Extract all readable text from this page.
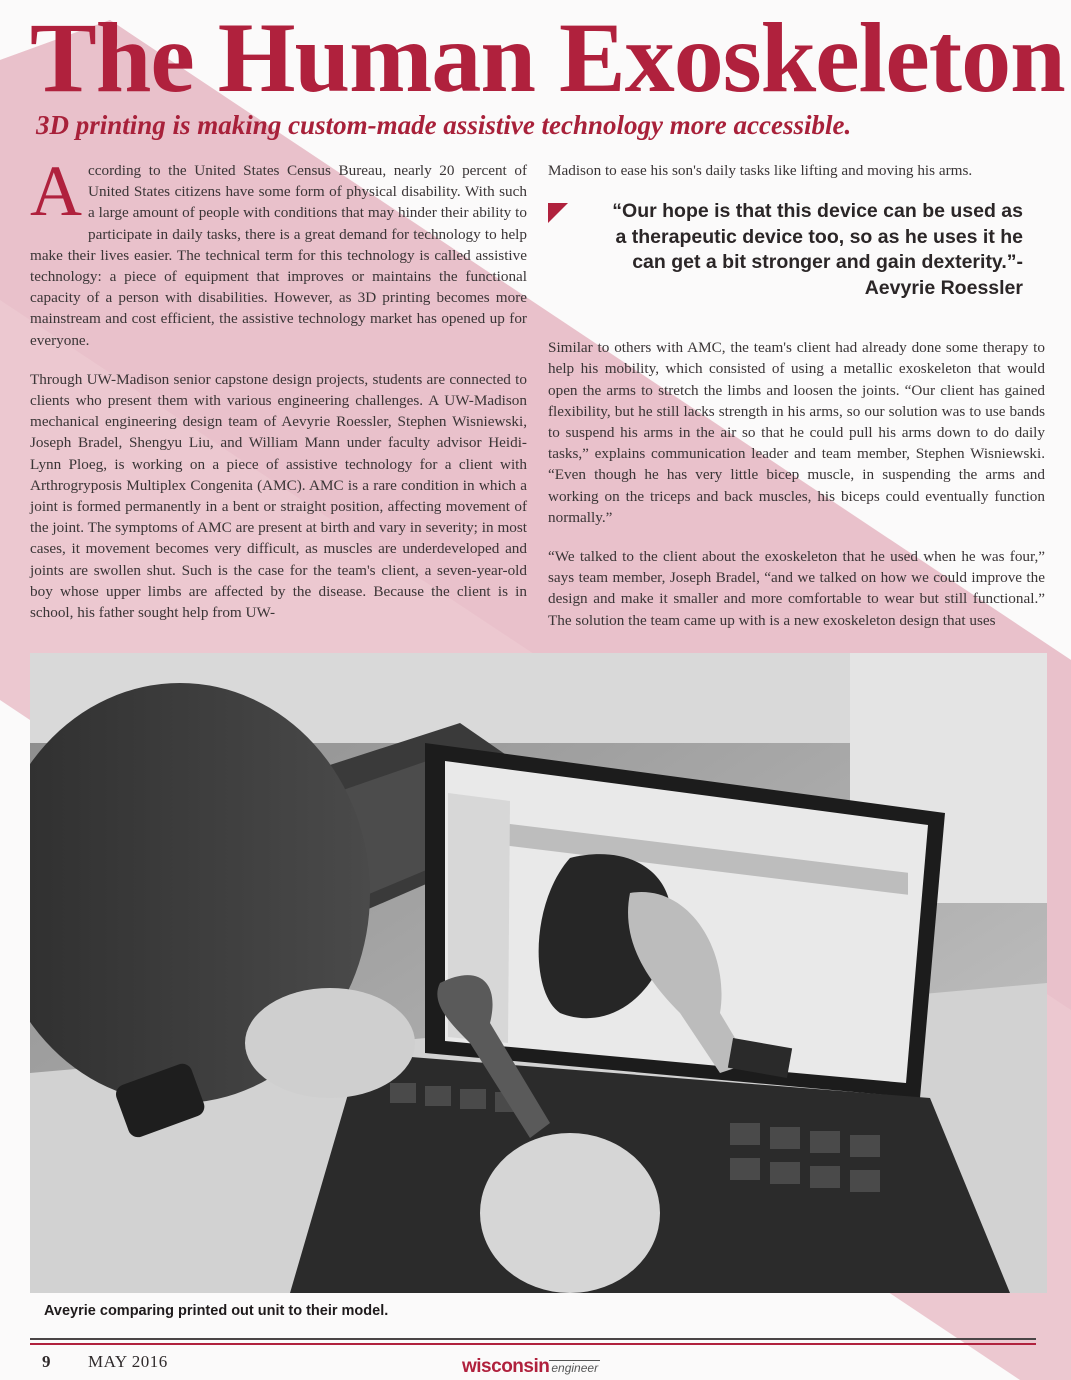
The Human Exoskeleton
3D printing is making custom-made assistive technology more accessible.

According to the United States Census Bureau, nearly 20 percent of United States citizens have some form of physical disability. With such a large amount of people with conditions that may hinder their ability to participate in daily tasks, there is a great demand for technology to help make their lives easier. The technical term for this technology is called assistive technology: a piece of equipment that improves or maintains the functional capacity of a person with disabilities. However, as 3D printing becomes more mainstream and cost efficient, the assistive technology market has opened up for everyone.

Through UW-Madison senior capstone design projects, students are connected to clients who present them with various engineering challenges. A UW-Madison mechanical engineering design team of Aevyrie Roessler, Stephen Wisniewski, Joseph Bradel, Shengyu Liu, and William Mann under faculty advisor Heidi-Lynn Ploeg, is working on a piece of assistive technology for a client with Arthrogryposis Multiplex Congenita (AMC). AMC is a rare condition in which a joint is formed permanently in a bent or straight position, affecting movement of the joint. The symptoms of AMC are present at birth and vary in severity; in most cases, it movement becomes very difficult, as muscles are underdeveloped and joints are swollen shut. Such is the case for the team's client, a seven-year-old boy whose upper limbs are affected by the disease. Because the client is in school, his father sought help from UW-

Madison to ease his son's daily tasks like lifting and moving his arms.

“Our hope is that this device can be used as a therapeutic device too, so as he uses it he can get a bit stronger and gain dexterity.”-
Aevyrie Roessler

Similar to others with AMC, the team's client had already done some therapy to help his mobility, which consisted of using a metallic exoskeleton that would open the arms to stretch the limbs and loosen the joints. “Our client has gained flexibility, but he still lacks strength in his arms, so our solution was to use bands to suspend his arms in the air so that he could pull his arms down to do daily tasks,” explains communication leader and team member, Stephen Wisniewski. “Even though he has very little bicep muscle, in suspending the arms and working on the triceps and back muscles, his biceps could eventually function normally.”

“We talked to the client about the exoskeleton that he used when he was four,” says team member, Joseph Bradel, “and we talked on how we could improve the design and make it smaller and more comfortable to wear but still functional.” The solution the team came up with is a new exoskeleton design that uses

Aveyrie comparing printed out unit to their model.
9 MAY 2016	wisconsin engineer
